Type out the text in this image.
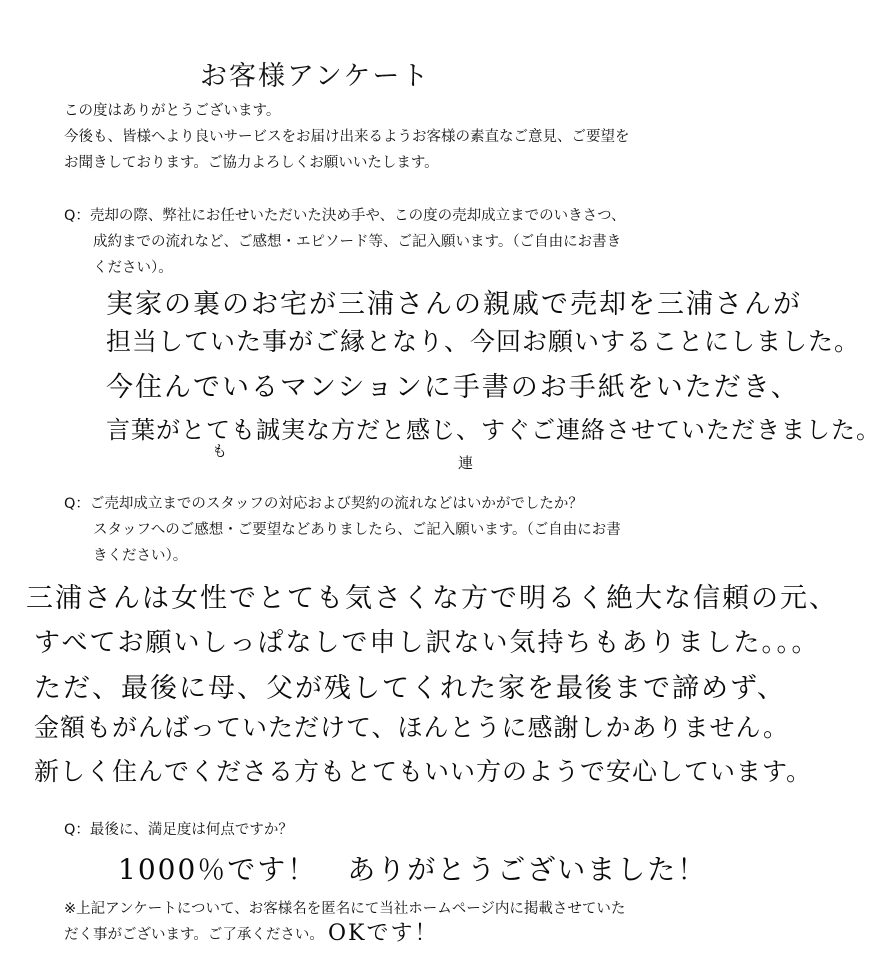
お客様アンケート
この度はありがとうございます。
今後も、皆様へより良いサービスをお届け出来るようお客様の素直なご意見、ご要望を
お聞きしております。ご協力よろしくお願いいたします。
Q：売却の際、弊社にお任せいただいた決め手や、この度の売却成立までのいきさつ、
　　成約までの流れなど、ご感想・エピソード等、ご記入願います。（ご自由にお書き
　　ください）。
実家の裏のお宅が三浦さんの親戚で売却を三浦さんが
担当していた事がご縁となり、今回お願いすることにしました。
今住んでいるマンションに手書のお手紙をいただき、
言葉がとても誠実な方だと感じ、すぐご連絡させていただきました。
も
連
Q：ご売却成立までのスタッフの対応および契約の流れなどはいかがでしたか？
　　スタッフへのご感想・ご要望などありましたら、ご記入願います。（ご自由にお書
　　きください）。
三浦さんは女性でとても気さくな方で明るく絶大な信頼の元、
すべてお願いしっぱなしで申し訳ない気持ちもありました。。。
ただ、最後に母、父が残してくれた家を最後まで諦めず、
金額もがんばっていただけて、ほんとうに感謝しかありません。
新しく住んでくださる方もとてもいい方のようで安心しています。
Q：最後に、満足度は何点ですか？
1000％です！　ありがとうございました！
※上記アンケートについて、お客様名を匿名にて当社ホームページ内に掲載させていた
だく事がございます。ご了承ください。 OKです！
